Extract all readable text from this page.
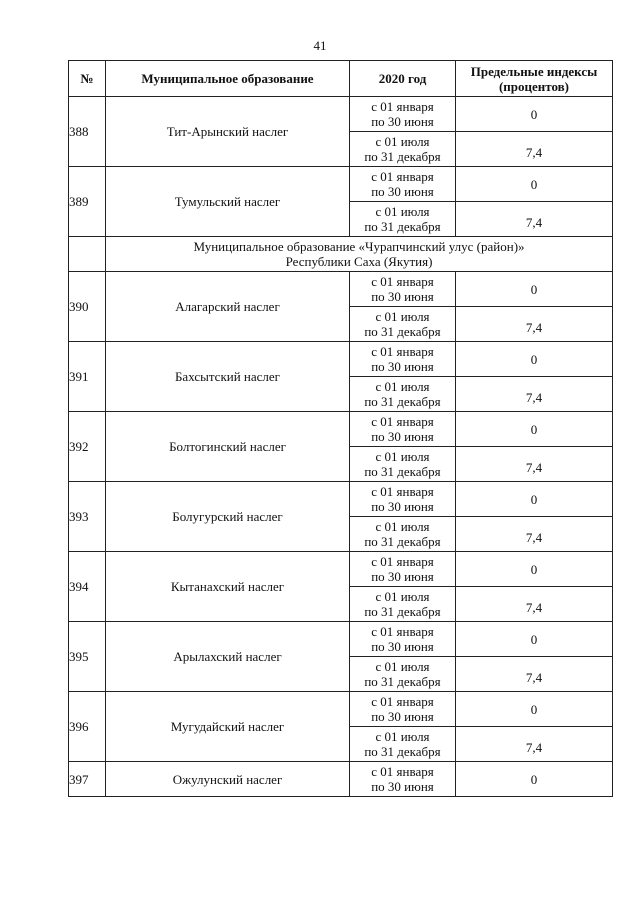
41
№	Муниципальное образование	2020 год	Предельные индексы
(процентов)

388	Тит-Арынский наслег	с 01 января
по 30 июня	0

		с 01 июля
по 31 декабря	7,4
389	Тумульский наслег	с 01 января
по 30 июня	0

		с 01 июля
по 31 декабря	7,4

	Муниципальное образование «Чурапчинский улус (район)»
Республики Саха (Якутия)		

390	Алагарский наслег	с 01 января
по 30 июня	0

		с 01 июля
по 31 декабря	7,4
391	Бахсытский наслег	с 01 января
по 30 июня	0

		с 01 июля
по 31 декабря	7,4
392	Болтогинский наслег	с 01 января
по 30 июня	0

		с 01 июля
по 31 декабря	7,4
393	Болугурский наслег	с 01 января
по 30 июня	0

		с 01 июля
по 31 декабря	7,4
394	Кытанахский наслег	с 01 января
по 30 июня	0

		с 01 июля
по 31 декабря	7,4
395	Арылахский наслег	с 01 января
по 30 июня	0

		с 01 июля
по 31 декабря	7,4
396	Мугудайский наслег	с 01 января
по 30 июня	0

		с 01 июля
по 31 декабря	7,4
397	Ожулунский наслег	с 01 января
по 30 июня	0
